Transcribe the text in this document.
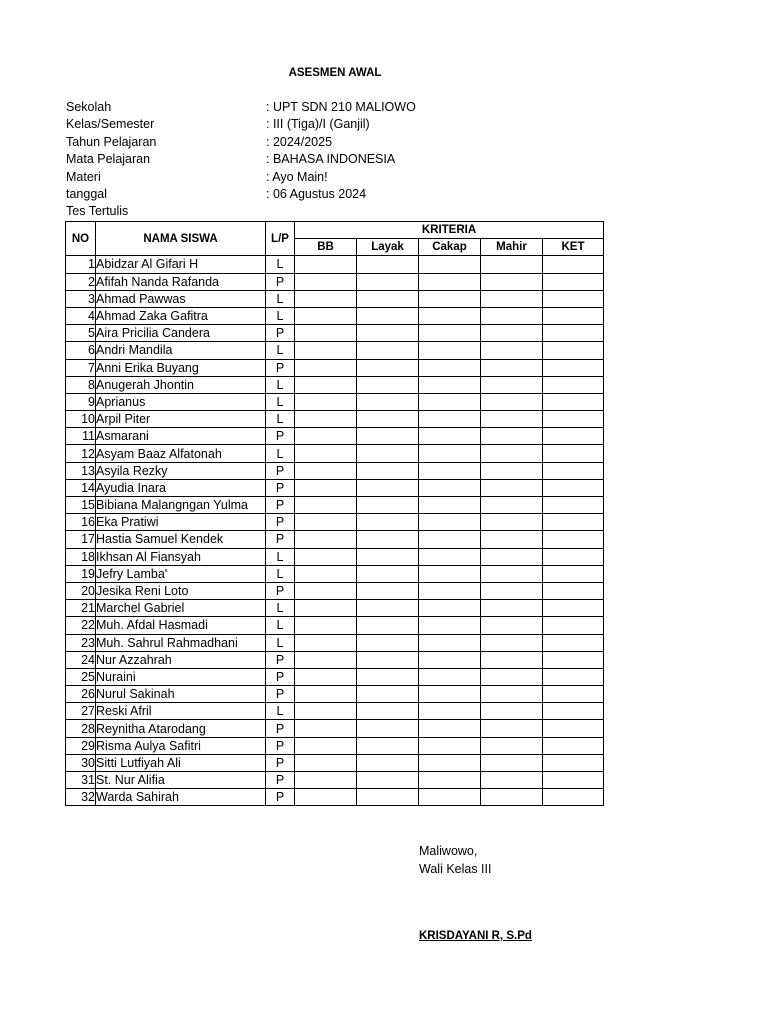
ASESMEN AWAL
Sekolah	: UPT SDN 210 MALIOWO
Kelas/Semester	: III (Tiga)/I (Ganjil)
Tahun Pelajaran	: 2024/2025
Mata Pelajaran	: BAHASA INDONESIA
Materi	: Ayo Main!
tanggal	: 06 Agustus 2024
Tes Tertulis
NO	NAMA SISWA	L/P	KRITERIA				
			BB	Layak	Cakap	Mahir	KET
1	Abidzar Al Gifari H	L					
2	Afifah Nanda Rafanda	P					
3	Ahmad Pawwas	L					
4	Ahmad Zaka Gafitra	L					
5	Aira Pricilia Candera	P					
6	Andri Mandila	L					
7	Anni Erika Buyang	P					
8	Anugerah Jhontin	L					
9	Aprianus	L					
10	Arpil Piter	L					
11	Asmarani	P					
12	Asyam Baaz Alfatonah	L					
13	Asyila Rezky	P					
14	Ayudia Inara	P					
15	Bibiana Malangngan Yulma	P					
16	Eka Pratiwi	P					
17	Hastia Samuel Kendek	P					
18	Ikhsan Al Fiansyah	L					
19	Jefry Lamba'	L					
20	Jesika Reni Loto	P					
21	Marchel Gabriel	L					
22	Muh. Afdal Hasmadi	L					
23	Muh. Sahrul Rahmadhani	L					
24	Nur Azzahrah	P					
25	Nuraini	P					
26	Nurul Sakinah	P					
27	Reski Afril	L					
28	Reynitha Atarodang	P					
29	Risma Aulya Safitri	P					
30	Sitti Lutfiyah Ali	P					
31	St. Nur Alifia	P					
32	Warda Sahirah	P					
Maliwowo,
Wali Kelas III
KRISDAYANI R, S.Pd
